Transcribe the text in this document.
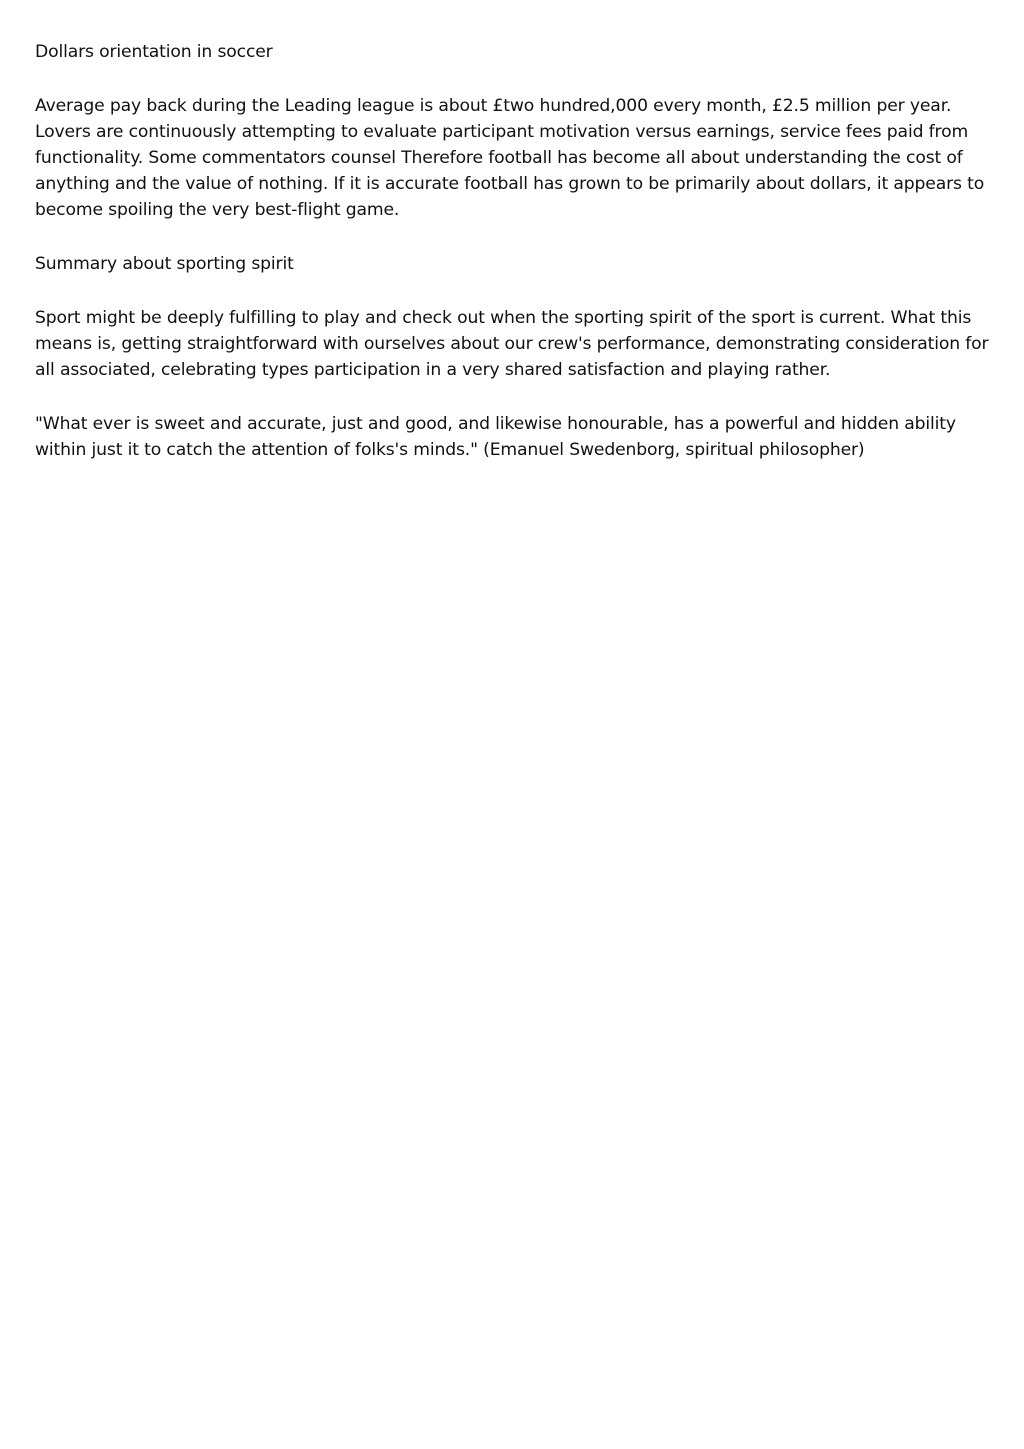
Dollars orientation in soccer

Average pay back during the Leading league is about £two hundred,000 every month, £2.5 million per year. Lovers are continuously attempting to evaluate participant motivation versus earnings, service fees paid from functionality. Some commentators counsel Therefore football has become all about understanding the cost of anything and the value of nothing. If it is accurate football has grown to be primarily about dollars, it appears to become spoiling the very best-flight game.

Summary about sporting spirit

Sport might be deeply fulfilling to play and check out when the sporting spirit of the sport is current. What this means is, getting straightforward with ourselves about our crew's performance, demonstrating consideration for all associated, celebrating types participation in a very shared satisfaction and playing rather.

"What ever is sweet and accurate, just and good, and likewise honourable, has a powerful and hidden ability within just it to catch the attention of folks's minds." (Emanuel Swedenborg, spiritual philosopher)
